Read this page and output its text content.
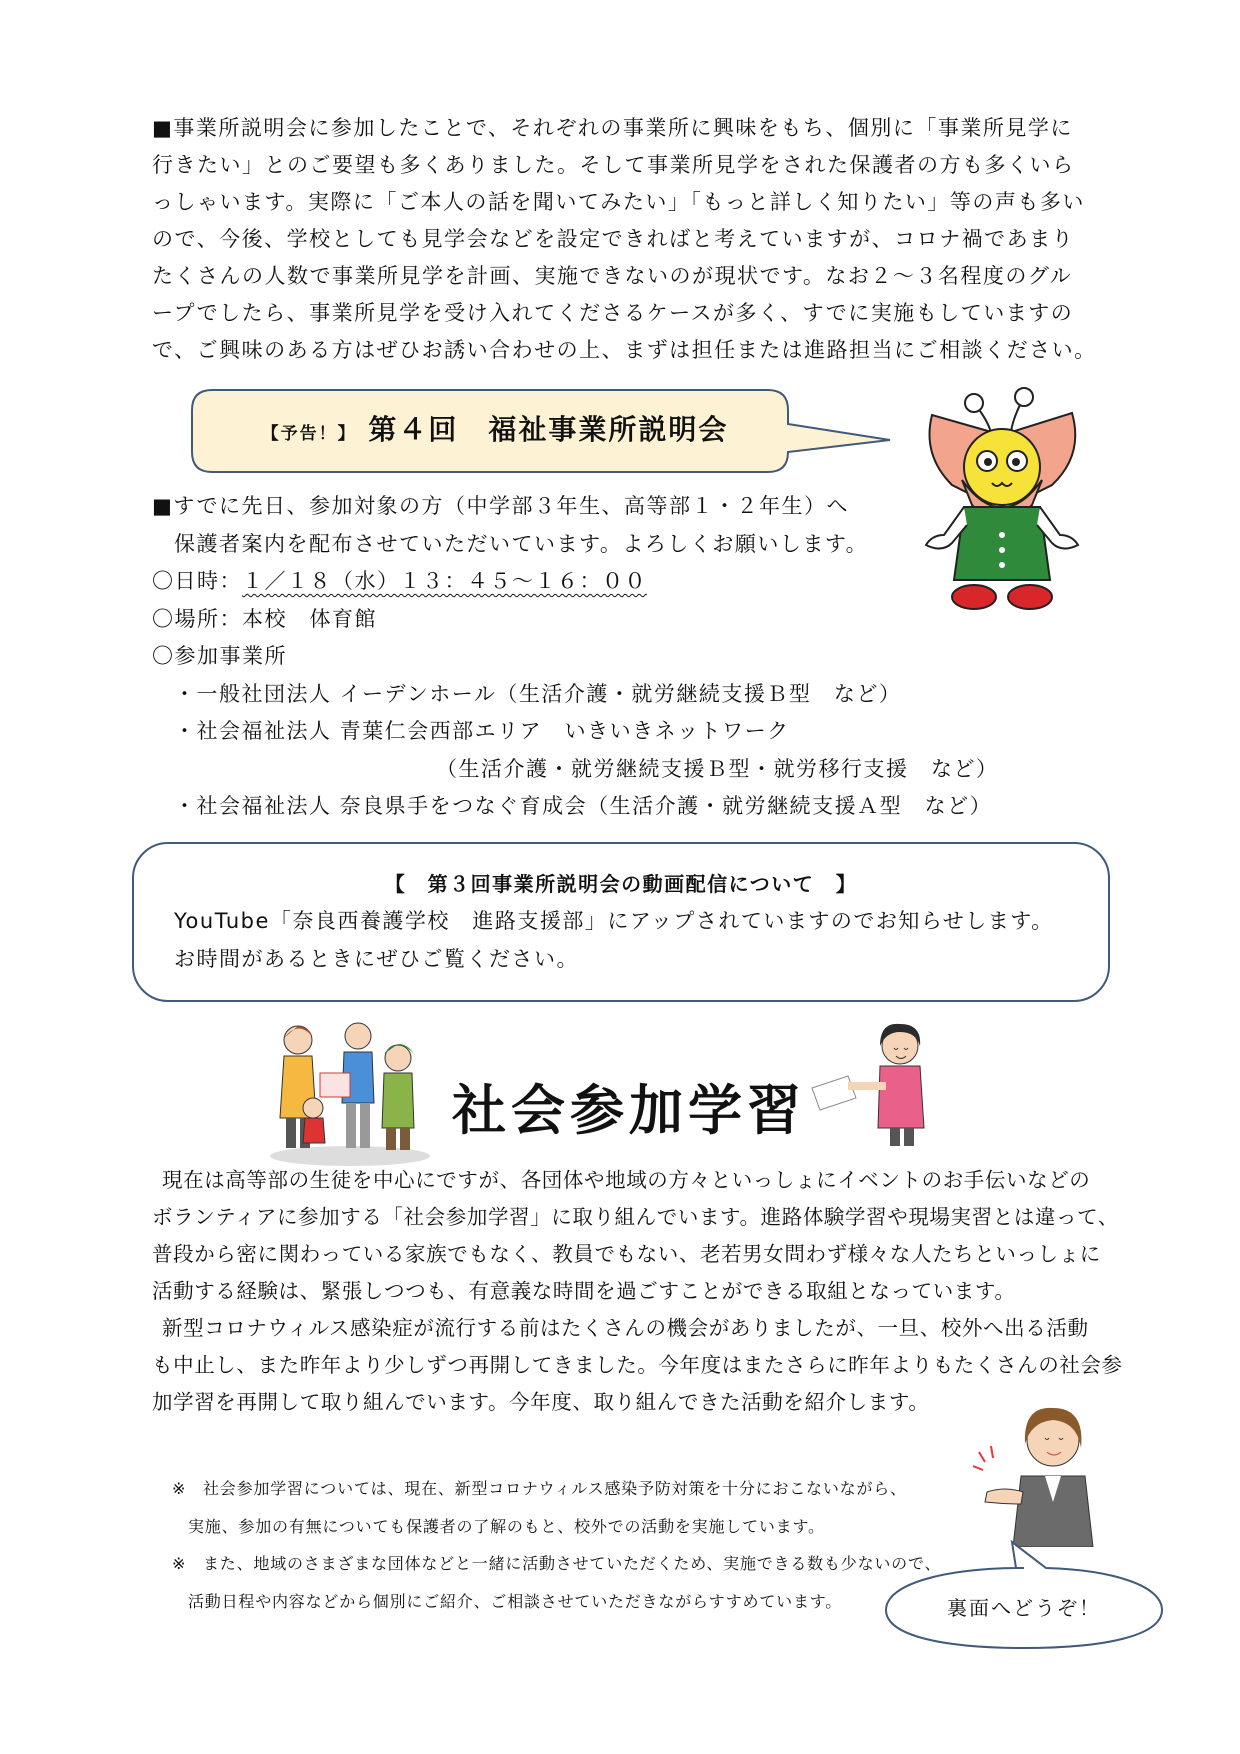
■事業所説明会に参加したことで、それぞれの事業所に興味をもち、個別に「事業所見学に
行きたい」とのご要望も多くありました。そして事業所見学をされた保護者の方も多くいら
っしゃいます。実際に「ご本人の話を聞いてみたい」「もっと詳しく知りたい」等の声も多い
ので、今後、学校としても見学会などを設定できればと考えていますが、コロナ禍であまり
たくさんの人数で事業所見学を計画、実施できないのが現状です。なお２～３名程度のグル
ープでしたら、事業所見学を受け入れてくださるケースが多く、すでに実施もしていますの
で、ご興味のある方はぜひお誘い合わせの上、まずは担任または進路担当にご相談ください。
【予告！】 第４回　福祉事業所説明会
■すでに先日、参加対象の方（中学部３年生、高等部１・２年生）へ
保護者案内を配布させていただいています。よろしくお願いします。
〇日時：１／１８（水）１３：４５～１６：００
〇場所：本校　体育館
〇参加事業所
・一般社団法人 イーデンホール（生活介護・就労継続支援Ｂ型　など）
・社会福祉法人 青葉仁会西部エリア　いきいきネットワーク
（生活介護・就労継続支援Ｂ型・就労移行支援　など）
・社会福祉法人 奈良県手をつなぐ育成会（生活介護・就労継続支援Ａ型　など）
【　第３回事業所説明会の動画配信について　】
YouTube「奈良西養護学校　進路支援部」にアップされていますのでお知らせします。
お時間があるときにぜひご覧ください。
社会参加学習
現在は高等部の生徒を中心にですが、各団体や地域の方々といっしょにイベントのお手伝いなどの
ボランティアに参加する「社会参加学習」に取り組んでいます。進路体験学習や現場実習とは違って、
普段から密に関わっている家族でもなく、教員でもない、老若男女問わず様々な人たちといっしょに
活動する経験は、緊張しつつも、有意義な時間を過ごすことができる取組となっています。
新型コロナウィルス感染症が流行する前はたくさんの機会がありましたが、一旦、校外へ出る活動
も中止し、また昨年より少しずつ再開してきました。今年度はまたさらに昨年よりもたくさんの社会参
加学習を再開して取り組んでいます。今年度、取り組んできた活動を紹介します。
※　社会参加学習については、現在、新型コロナウィルス感染予防対策を十分におこないながら、
実施、参加の有無についても保護者の了解のもと、校外での活動を実施しています。
※　また、地域のさまざまな団体などと一緒に活動させていただくため、実施できる数も少ないので、
活動日程や内容などから個別にご紹介、ご相談させていただきながらすすめています。	裏面へどうぞ！
